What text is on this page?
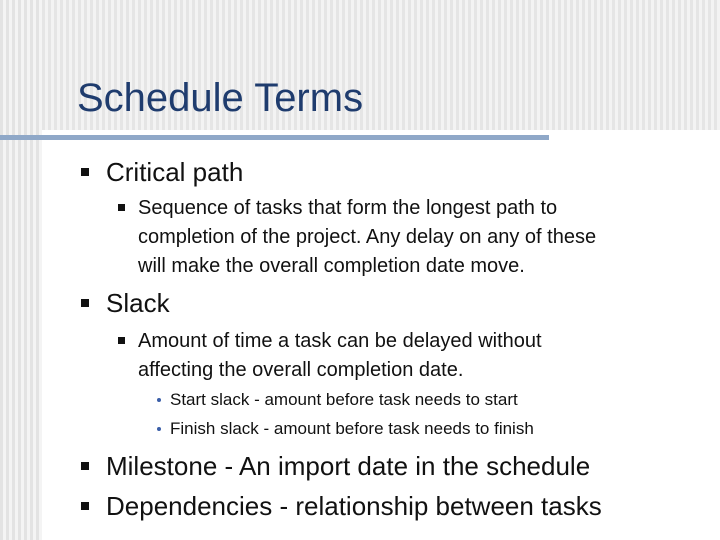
Schedule Terms
Critical path
Sequence of tasks that form the longest path to
completion of the project. Any delay on any of these
will make the overall completion date move.
Slack
Amount of time a task can be delayed without
affecting the overall completion date.
Start slack - amount before task needs to start
Finish slack - amount before task needs to finish
Milestone - An import date in the schedule
Dependencies - relationship between tasks
